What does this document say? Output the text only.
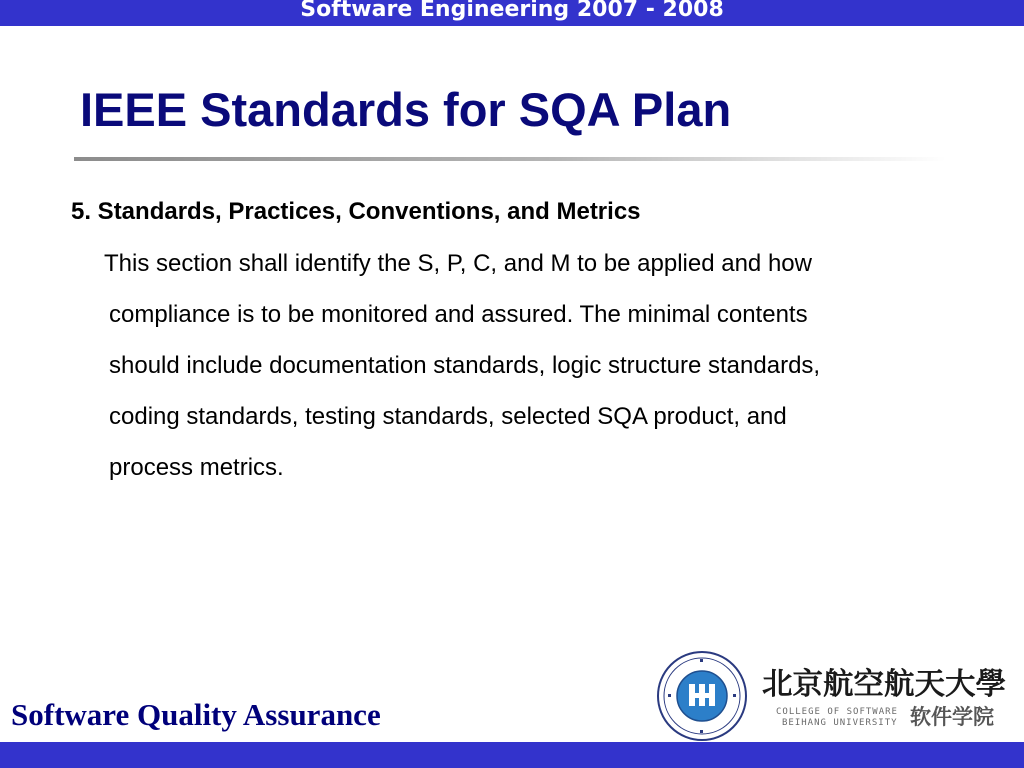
Software Engineering 2007 - 2008
IEEE Standards for SQA Plan
5. Standards, Practices, Conventions, and Metrics
This section shall identify the S, P, C, and M to be applied and how
compliance is to be monitored and assured. The minimal contents
should include documentation standards, logic structure standards,
coding standards, testing standards, selected SQA product, and
process metrics.
Software Quality Assurance
北京航空航天大學
COLLEGE OF SOFTWARE
BEIHANG UNIVERSITY 软件学院
